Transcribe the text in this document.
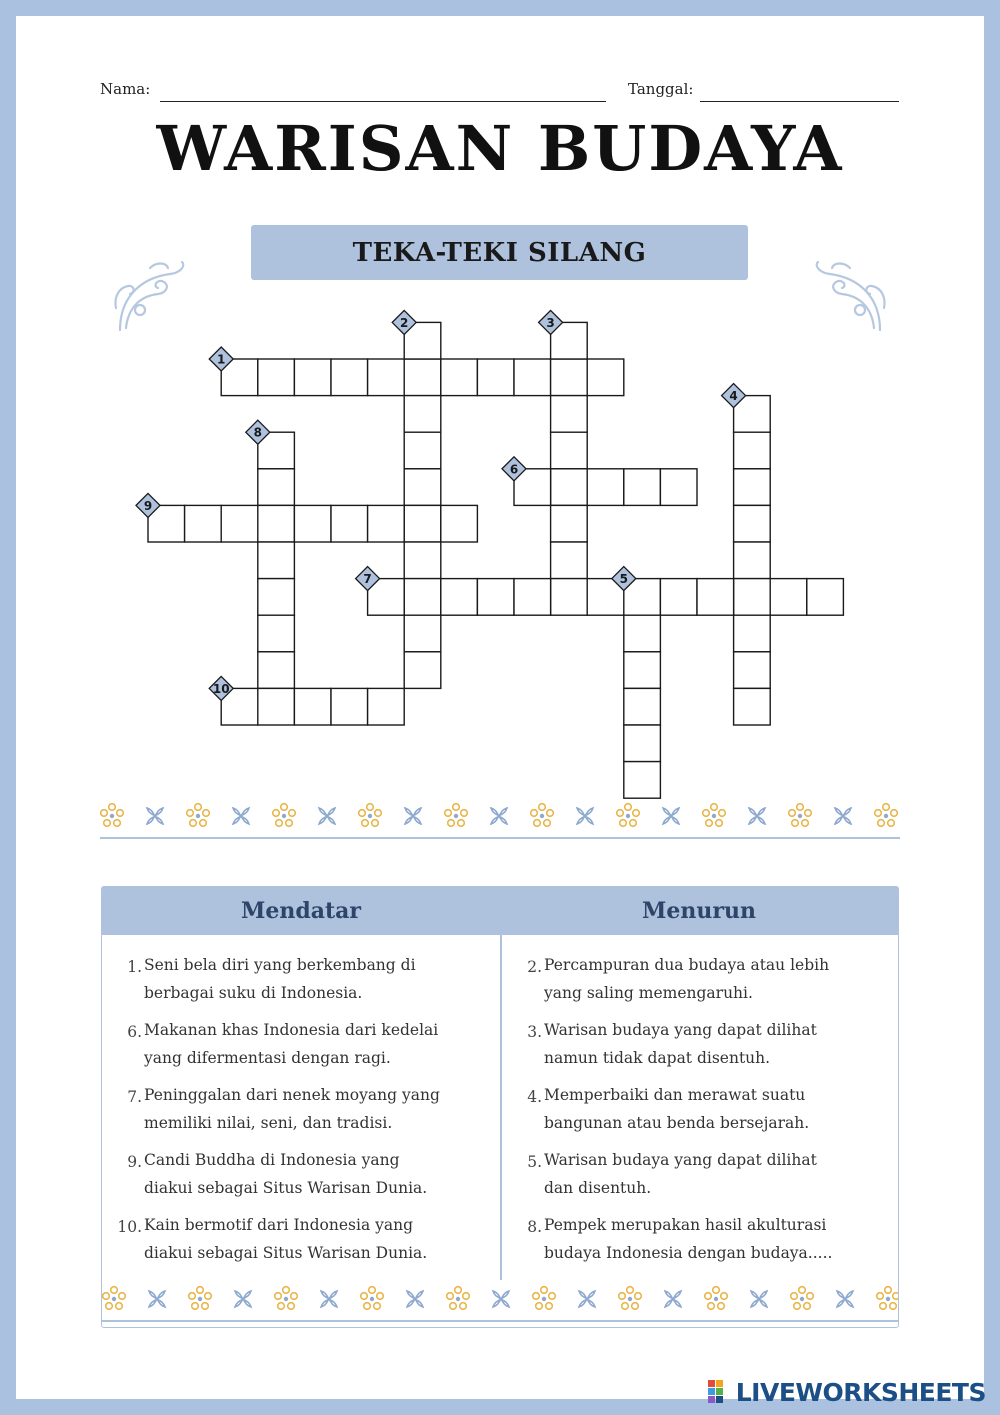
Nama:	Tanggal:
WARISAN BUDAYA
TEKA-TEKI SILANG
1
2	3
4
5
6
7
8
9
10
Mendatar	Menurun
1. Seni bela diri yang berkembang di
berbagai suku di Indonesia.
6. Makanan khas Indonesia dari kedelai
yang difermentasi dengan ragi.
7. Peninggalan dari nenek moyang yang
memiliki nilai, seni, dan tradisi.
9. Candi Buddha di Indonesia yang
diakui sebagai Situs Warisan Dunia.
10. Kain bermotif dari Indonesia yang
diakui sebagai Situs Warisan Dunia.
2. Percampuran dua budaya atau lebih
yang saling memengaruhi.
3. Warisan budaya yang dapat dilihat
namun tidak dapat disentuh.
4. Memperbaiki dan merawat suatu
bangunan atau benda bersejarah.
5. Warisan budaya yang dapat dilihat
dan disentuh.
8. Pempek merupakan hasil akulturasi
budaya Indonesia dengan budaya.....
LIVEWORKSHEETS
